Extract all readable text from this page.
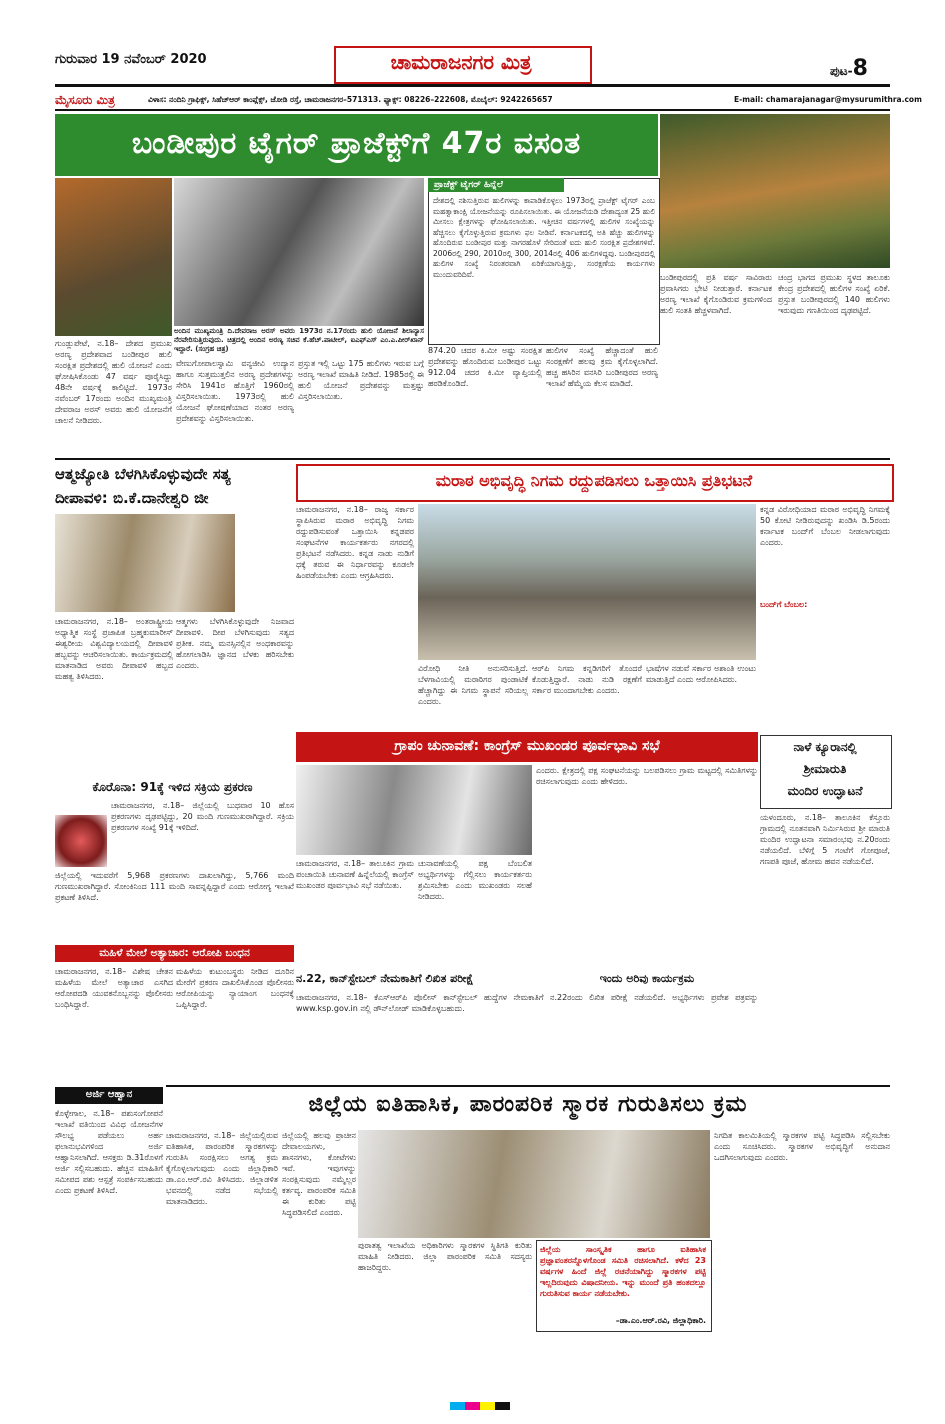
ಗುರುವಾರ 19 ನವೆಂಬರ್ 2020	ಚಾಮರಾಜನಗರ ಮಿತ್ರ	ಪುಟ-8
ಮೈಸೂರು ಮಿತ್ರ	ವಿಳಾಸ: ನಂದಿನಿ ಗ್ರಾಫಿಕ್ಸ್, ಸಿಹೆಚ್‌ಆರ್ ಕಾಂಪ್ಲೆಕ್ಸ್, ಜೋಡಿ ರಸ್ತೆ, ಚಾಮರಾಜನಗರ–571313. ಫ್ಯಾಕ್ಸ್: 08226–222608, ಮೊಬೈಲ್: 9242265657	E-mail: chamarajanagar@mysurumithra.com
ಬಂಡೀಪುರ ಟೈಗರ್ ಪ್ರಾಜೆಕ್ಟ್‌ಗೆ 47ರ ವಸಂತ
ಅಂದಿನ ಮುಖ್ಯಮಂತ್ರಿ ದಿ.ದೇವರಾಜ ಅರಸ್ ಅವರು 1973ರ ನ.17ರಂದು ಹುಲಿ ಯೋಜನೆ ಶಿಲಾನ್ಯಾಸ ನೆರವೇರಿಸುತ್ತಿರುವುದು. ಚಿತ್ರದಲ್ಲಿ ಅಂದಿನ ಅರಣ್ಯ ಸಚಿವ ಕೆ.ಹೆಚ್.ಪಾಟೀಲ್, ಐಎಫ್‌ಎಸ್ ಎಂ.ಎ.ಪೀರ್‌ಖಾನ್ ಇದ್ದಾರೆ. (ಸಂಗ್ರಹ ಚಿತ್ರ)
ಪ್ರಾಜೆಕ್ಟ್ ಟೈಗರ್ ಹಿನ್ನೆಲೆ
ದೇಶದಲ್ಲಿ ನಶಿಸುತ್ತಿರುವ ಹುಲಿಗಳನ್ನು ಕಾಪಾಡಿಕೊಳ್ಳಲು 1973ರಲ್ಲಿ ಪ್ರಾಜೆಕ್ಟ್ ಟೈಗರ್ ಎಂಬ ಮಹತ್ವಾಕಾಂಕ್ಷಿ ಯೋಜನೆಯನ್ನು ರೂಪಿಸಲಾಯಿತು. ಈ ಯೋಜನೆಯಡಿ ದೇಶಾದ್ಯಂತ 25 ಹುಲಿ ಮೀಸಲು ಕ್ಷೇತ್ರಗಳನ್ನು ಘೋಷಿಸಲಾಯಿತು. ಇತ್ತೀಚಿನ ವರ್ಷಗಳಲ್ಲಿ ಹುಲಿಗಳ ಸಂಖ್ಯೆಯನ್ನು ಹೆಚ್ಚಿಸಲು ಕೈಗೊಳ್ಳುತ್ತಿರುವ ಕ್ರಮಗಳು ಫಲ ನೀಡಿವೆ. ಕರ್ನಾಟಕದಲ್ಲಿ ಅತಿ ಹೆಚ್ಚು ಹುಲಿಗಳನ್ನು ಹೊಂದಿರುವ ಬಂಡೀಪುರ ಮತ್ತು ನಾಗರಹೊಳೆ ಸೇರಿದಂತೆ ಐದು ಹುಲಿ ಸಂರಕ್ಷಿತ ಪ್ರದೇಶಗಳಿವೆ. 2006ರಲ್ಲಿ 290, 2010ರಲ್ಲಿ 300, 2014ರಲ್ಲಿ 406 ಹುಲಿಗಳಿದ್ದವು. ಬಂಡೀಪುರದಲ್ಲಿ ಹುಲಿಗಳ ಸಂಖ್ಯೆ ನಿರಂತರವಾಗಿ ಏರಿಕೆಯಾಗುತ್ತಿದ್ದು, ಸಂರಕ್ಷಣೆಯ ಕಾರ್ಯಗಳು ಮುಂದುವರಿದಿವೆ.
ಗುಂಡ್ಲುಪೇಟೆ, ನ.18– ದೇಶದ ಪ್ರಮುಖ ಅರಣ್ಯ ಪ್ರದೇಶವಾದ ಬಂಡೀಪುರ ಹುಲಿ ಸಂರಕ್ಷಿತ ಪ್ರದೇಶದಲ್ಲಿ ಹುಲಿ ಯೋಜನೆ ಎಂದು ಘೋಷಿಸಿಕೊಂಡು 47 ವರ್ಷ ಪೂರೈಸಿದ್ದು 48ನೇ ವರ್ಷಕ್ಕೆ ಕಾಲಿಟ್ಟಿದೆ. 1973ರ ನವೆಂಬರ್ 17ರಂದು ಅಂದಿನ ಮುಖ್ಯಮಂತ್ರಿ ದೇವರಾಜ ಅರಸ್ ಅವರು ಹುಲಿ ಯೋಜನೆಗೆ ಚಾಲನೆ ನೀಡಿದರು.
ವೇಣುಗೋಪಾಲಸ್ವಾಮಿ ವನ್ಯಜೀವಿ ಉದ್ಯಾನ ಹಾಗೂ ಸುತ್ತಮುತ್ತಲಿನ ಅರಣ್ಯ ಪ್ರದೇಶಗಳನ್ನು ಸೇರಿಸಿ 1941ರ ಹೊತ್ತಿಗೆ 1960ರಲ್ಲಿ ವಿಸ್ತರಿಸಲಾಯಿತು. 1973ರಲ್ಲಿ ಹುಲಿ ಯೋಜನೆ ಘೋಷಣೆಯಾದ ನಂತರ ಅರಣ್ಯ ಪ್ರದೇಶವನ್ನು ವಿಸ್ತರಿಸಲಾಯಿತು.
ಪ್ರಸ್ತುತ ಇಲ್ಲಿ ಒಟ್ಟು 175 ಹುಲಿಗಳು ಇರುವ ಬಗ್ಗೆ ಅರಣ್ಯ ಇಲಾಖೆ ಮಾಹಿತಿ ನೀಡಿದೆ. 1985ರಲ್ಲಿ ಈ ಹುಲಿ ಯೋಜನೆ ಪ್ರದೇಶವನ್ನು ಮತ್ತಷ್ಟು ವಿಸ್ತರಿಸಲಾಯಿತು.
874.20 ಚದರ ಕಿ.ಮೀ ಅಷ್ಟು ಸಂರಕ್ಷಿತ ಪ್ರದೇಶವನ್ನು ಹೊಂದಿರುವ ಬಂಡೀಪುರ ಒಟ್ಟು 912.04 ಚದರ ಕಿ.ಮೀ ವ್ಯಾಪ್ತಿಯಲ್ಲಿ ಹರಡಿಕೊಂಡಿದೆ.
ಹುಲಿಗಳ ಸಂಖ್ಯೆ ಹೆಚ್ಚಾದಂತೆ ಹುಲಿ ಸಂರಕ್ಷಣೆಗೆ ಹಲವು ಕ್ರಮ ಕೈಗೊಳ್ಳಲಾಗಿದೆ. ಹಚ್ಚ ಹಸಿರಿನ ವನಸಿರಿ ಬಂಡೀಪುರದ ಅರಣ್ಯ ಇಲಾಖೆ ಹೆಮ್ಮೆಯ ಕೆಲಸ ಮಾಡಿದೆ.
ಬಂಡೀಪುರದಲ್ಲಿ ಪ್ರತಿ ವರ್ಷ ಸಾವಿರಾರು ಪ್ರವಾಸಿಗರು ಭೇಟಿ ನೀಡುತ್ತಾರೆ. ಕರ್ನಾಟಕ ಅರಣ್ಯ ಇಲಾಖೆ ಕೈಗೊಂಡಿರುವ ಕ್ರಮಗಳಿಂದ ಹುಲಿ ಸಂತತಿ ಹೆಚ್ಚಳವಾಗಿದೆ.
ಚಂದ್ರ ಭಾಗದ ಪ್ರಮುಖ ಸ್ಥಳದ ತಾಲೂಕು ಕೇಂದ್ರ ಪ್ರದೇಶದಲ್ಲಿ ಹುಲಿಗಳ ಸಂಖ್ಯೆ ಏರಿಕೆ. ಪ್ರಸ್ತುತ ಬಂಡೀಪುರದಲ್ಲಿ 140 ಹುಲಿಗಳು ಇರುವುದು ಗಣತಿಯಿಂದ ದೃಢಪಟ್ಟಿದೆ.
ಆತ್ಮಜ್ಯೋತಿ ಬೆಳಗಿಸಿಕೊಳ್ಳುವುದೇ ಸತ್ಯ
ದೀಪಾವಳಿ: ಬಿ.ಕೆ.ದಾನೇಶ್ವರಿ ಜೀ
ಚಾಮರಾಜನಗರ, ನ.18– ಅಂತರಾಷ್ಟ್ರೀಯ ಅಧ್ಯಾತ್ಮಿಕ ಸಂಸ್ಥೆ ಪ್ರಜಾಪಿತ ಬ್ರಹ್ಮಕುಮಾರೀಸ್ ಈಶ್ವರೀಯ ವಿಶ್ವವಿದ್ಯಾಲಯದಲ್ಲಿ ದೀಪಾವಳಿ ಹಬ್ಬವನ್ನು ಆಚರಿಸಲಾಯಿತು. ಕಾರ್ಯಕ್ರಮದಲ್ಲಿ ಮಾತನಾಡಿದ ಅವರು ದೀಪಾವಳಿ ಹಬ್ಬದ ಮಹತ್ವ ತಿಳಿಸಿದರು.
ಆತ್ಮಗಳು ಬೆಳಗಿಸಿಕೊಳ್ಳುವುದೇ ನಿಜವಾದ ದೀಪಾವಳಿ. ದೀಪ ಬೆಳಗಿಸುವುದು ಸತ್ಯದ ಪ್ರತೀಕ. ನಮ್ಮ ಮನಸ್ಸಿನಲ್ಲಿನ ಅಂಧಕಾರವನ್ನು ಹೋಗಲಾಡಿಸಿ ಜ್ಞಾನದ ಬೆಳಕು ಹರಿಸಬೇಕು ಎಂದರು.
ಕೊರೊನಾ: 91ಕ್ಕೆ ಇಳಿದ ಸಕ್ರಿಯ ಪ್ರಕರಣ
ಚಾಮರಾಜನಗರ, ನ.18– ಜಿಲ್ಲೆಯಲ್ಲಿ ಬುಧವಾರ 10 ಹೊಸ ಪ್ರಕರಣಗಳು ದೃಢಪಟ್ಟಿದ್ದು, 20 ಮಂದಿ ಗುಣಮುಖರಾಗಿದ್ದಾರೆ. ಸಕ್ರಿಯ ಪ್ರಕರಣಗಳ ಸಂಖ್ಯೆ 91ಕ್ಕೆ ಇಳಿದಿದೆ.
ಜಿಲ್ಲೆಯಲ್ಲಿ ಇದುವರೆಗೆ 5,968 ಪ್ರಕರಣಗಳು ದಾಖಲಾಗಿದ್ದು, 5,766 ಮಂದಿ ಗುಣಮುಖರಾಗಿದ್ದಾರೆ. ಸೋಂಕಿನಿಂದ 111 ಮಂದಿ ಸಾವನ್ನಪ್ಪಿದ್ದಾರೆ ಎಂದು ಆರೋಗ್ಯ ಇಲಾಖೆ ಪ್ರಕಟಣೆ ತಿಳಿಸಿದೆ.
ಮಹಿಳೆ ಮೇಲೆ ಅತ್ಯಾಚಾರ: ಆರೋಪಿ ಬಂಧನ
ಚಾಮರಾಜನಗರ, ನ.18– ವಿಶೇಷ ಚೇತನ ಮಹಿಳೆಯ ಮೇಲೆ ಅತ್ಯಾಚಾರ ಎಸಗಿದ ಆರೋಪದಡಿ ಯುವಕನೊಬ್ಬನನ್ನು ಪೊಲೀಸರು ಬಂಧಿಸಿದ್ದಾರೆ.
ಮಹಿಳೆಯ ಕುಟುಂಬಸ್ಥರು ನೀಡಿದ ದೂರಿನ ಮೇರೆಗೆ ಪ್ರಕರಣ ದಾಖಲಿಸಿಕೊಂಡ ಪೊಲೀಸರು ಆರೋಪಿಯನ್ನು ನ್ಯಾಯಾಂಗ ಬಂಧನಕ್ಕೆ ಒಪ್ಪಿಸಿದ್ದಾರೆ.
ಮರಾಠ ಅಭಿವೃದ್ಧಿ ನಿಗಮ ರದ್ದುಪಡಿಸಲು ಒತ್ತಾಯಿಸಿ ಪ್ರತಿಭಟನೆ
ಚಾಮರಾಜನಗರ, ನ.18– ರಾಜ್ಯ ಸರ್ಕಾರ ಸ್ಥಾಪಿಸಿರುವ ಮರಾಠ ಅಭಿವೃದ್ಧಿ ನಿಗಮ ರದ್ದುಪಡಿಸುವಂತೆ ಒತ್ತಾಯಿಸಿ ಕನ್ನಡಪರ ಸಂಘಟನೆಗಳ ಕಾರ್ಯಕರ್ತರು ನಗರದಲ್ಲಿ ಪ್ರತಿಭಟನೆ ನಡೆಸಿದರು. ಕನ್ನಡ ನಾಡು ನುಡಿಗೆ ಧಕ್ಕೆ ತರುವ ಈ ನಿರ್ಧಾರವನ್ನು ಕೂಡಲೇ ಹಿಂಪಡೆಯಬೇಕು ಎಂದು ಆಗ್ರಹಿಸಿದರು.
ವಿರೋಧಿ ನೀತಿ ಅನುಸರಿಸುತ್ತಿದೆ. ಬೆಳಗಾವಿಯಲ್ಲಿ ಮರಾಠಿಗರ ಪುಂಡಾಟಿಕೆ ಹೆಚ್ಚಾಗಿದ್ದು ಈ ನಿಗಮ ಸ್ಥಾಪನೆ ಸರಿಯಲ್ಲ ಎಂದರು.
ಆರ್‌ಪಿ ನಿಗಮ ಕನ್ನಡಿಗರಿಗೆ ತೊಂದರೆ ಕೊಡುತ್ತಿದ್ದಾರೆ. ನಾಡು ನುಡಿ ರಕ್ಷಣೆಗೆ ಸರ್ಕಾರ ಮುಂದಾಗಬೇಕು ಎಂದರು.
ಭಾಷೆಗಳ ನಡುವೆ ಸರ್ಕಾರ ಅಶಾಂತಿ ಉಂಟು ಮಾಡುತ್ತಿದೆ ಎಂದು ಆರೋಪಿಸಿದರು.
ಕನ್ನಡ ವಿರೋಧಿಯಾದ ಮರಾಠ ಅಭಿವೃದ್ಧಿ ನಿಗಮಕ್ಕೆ 50 ಕೋಟಿ ನೀಡಿರುವುದನ್ನು ಖಂಡಿಸಿ ಡಿ.5ರಂದು ಕರ್ನಾಟಕ ಬಂದ್‌ಗೆ ಬೆಂಬಲ ನೀಡಲಾಗುವುದು ಎಂದರು.
ಬಂದ್‌ಗೆ ಬೆಂಬಲ:
ಗ್ರಾಪಂ ಚುನಾವಣೆ: ಕಾಂಗ್ರೆಸ್ ಮುಖಂಡರ ಪೂರ್ವಭಾವಿ ಸಭೆ
ಚಾಮರಾಜನಗರ, ನ.18– ತಾಲೂಕಿನ ಗ್ರಾಮ ಪಂಚಾಯಿತಿ ಚುನಾವಣೆ ಹಿನ್ನೆಲೆಯಲ್ಲಿ ಕಾಂಗ್ರೆಸ್ ಮುಖಂಡರ ಪೂರ್ವಭಾವಿ ಸಭೆ ನಡೆಯಿತು.
ಚುನಾವಣೆಯಲ್ಲಿ ಪಕ್ಷ ಬೆಂಬಲಿತ ಅಭ್ಯರ್ಥಿಗಳನ್ನು ಗೆಲ್ಲಿಸಲು ಕಾರ್ಯಕರ್ತರು ಶ್ರಮಿಸಬೇಕು ಎಂದು ಮುಖಂಡರು ಸಲಹೆ ನೀಡಿದರು.
ಎಂದರು. ಕ್ಷೇತ್ರದಲ್ಲಿ ಪಕ್ಷ ಸಂಘಟನೆಯನ್ನು ಬಲಪಡಿಸಲು ಗ್ರಾಮ ಮಟ್ಟದಲ್ಲಿ ಸಮಿತಿಗಳನ್ನು ರಚಿಸಲಾಗುವುದು ಎಂದು ಹೇಳಿದರು.
ನಾಳೆ ಕ್ಯೂರಾನಲ್ಲಿ
ಶ್ರೀಮಾರುತಿ
ಮಂದಿರ ಉದ್ಘಾಟನೆ
ಯಳಂದೂರು, ನ.18– ತಾಲೂಕಿನ ಕೆಸ್ತೂರು ಗ್ರಾಮದಲ್ಲಿ ನೂತನವಾಗಿ ನಿರ್ಮಿಸಿರುವ ಶ್ರೀ ಮಾರುತಿ ಮಂದಿರ ಉದ್ಘಾಟನಾ ಸಮಾರಂಭವು ನ.20ರಂದು ನಡೆಯಲಿದೆ. ಬೆಳಿಗ್ಗೆ 5 ಗಂಟೆಗೆ ಗೋಪೂಜೆ, ಗಣಪತಿ ಪೂಜೆ, ಹೋಮ ಹವನ ನಡೆಯಲಿದೆ.
ನ.22, ಕಾನ್‌ಸ್ಟೇಬಲ್ ನೇಮಕಾತಿಗೆ ಲಿಖಿತ ಪರೀಕ್ಷೆ
ಚಾಮರಾಜನಗರ, ನ.18– ಕೆಎಸ್‌ಆರ್‌ಪಿ ಪೊಲೀಸ್ ಕಾನ್‌ಸ್ಟೇಬಲ್ ಹುದ್ದೆಗಳ ನೇಮಕಾತಿಗೆ ನ.22ರಂದು ಲಿಖಿತ ಪರೀಕ್ಷೆ ನಡೆಯಲಿದೆ. ಅಭ್ಯರ್ಥಿಗಳು ಪ್ರವೇಶ ಪತ್ರವನ್ನು www.ksp.gov.in ನಲ್ಲಿ ಡೌನ್‌ಲೋಡ್ ಮಾಡಿಕೊಳ್ಳಬಹುದು.
ಇಂದು ಅರಿವು ಕಾರ್ಯಕ್ರಮ
ಅರ್ಜಿ ಆಹ್ವಾನ
ಕೊಳ್ಳೇಗಾಲ, ನ.18– ಪಶುಸಂಗೋಪನೆ ಇಲಾಖೆ ವತಿಯಿಂದ ವಿವಿಧ ಯೋಜನೆಗಳ ಸೌಲಭ್ಯ ಪಡೆಯಲು ಅರ್ಹ ಫಲಾನುಭವಿಗಳಿಂದ ಅರ್ಜಿ ಆಹ್ವಾನಿಸಲಾಗಿದೆ. ಆಸಕ್ತರು ಡಿ.31ರೊಳಗೆ ಅರ್ಜಿ ಸಲ್ಲಿಸಬಹುದು. ಹೆಚ್ಚಿನ ಮಾಹಿತಿಗೆ ಸಮೀಪದ ಪಶು ಆಸ್ಪತ್ರೆ ಸಂಪರ್ಕಿಸಬಹುದು ಎಂದು ಪ್ರಕಟಣೆ ತಿಳಿಸಿದೆ.
ಜಿಲ್ಲೆಯ ಐತಿಹಾಸಿಕ, ಪಾರಂಪರಿಕ ಸ್ಮಾರಕ ಗುರುತಿಸಲು ಕ್ರಮ
ಚಾಮರಾಜನಗರ, ನ.18– ಜಿಲ್ಲೆಯಲ್ಲಿರುವ ಐತಿಹಾಸಿಕ, ಪಾರಂಪರಿಕ ಸ್ಮಾರಕಗಳನ್ನು ಗುರುತಿಸಿ ಸಂರಕ್ಷಿಸಲು ಅಗತ್ಯ ಕ್ರಮ ಕೈಗೊಳ್ಳಲಾಗುವುದು ಎಂದು ಜಿಲ್ಲಾಧಿಕಾರಿ ಡಾ.ಎಂ.ಆರ್.ರವಿ ತಿಳಿಸಿದರು. ಜಿಲ್ಲಾಡಳಿತ ಭವನದಲ್ಲಿ ನಡೆದ ಸಭೆಯಲ್ಲಿ ಮಾತನಾಡಿದರು.
ಜಿಲ್ಲೆಯಲ್ಲಿ ಹಲವು ಪ್ರಾಚೀನ ದೇವಾಲಯಗಳು, ಶಾಸನಗಳು, ಕೋಟೆಗಳು ಇವೆ. ಇವುಗಳನ್ನು ಸಂರಕ್ಷಿಸುವುದು ನಮ್ಮೆಲ್ಲರ ಕರ್ತವ್ಯ. ಪಾರಂಪರಿಕ ಸಮಿತಿ ಈ ಕುರಿತು ಪಟ್ಟಿ ಸಿದ್ಧಪಡಿಸಲಿದೆ ಎಂದರು.
ಪುರಾತತ್ವ ಇಲಾಖೆಯ ಅಧಿಕಾರಿಗಳು ಸ್ಮಾರಕಗಳ ಸ್ಥಿತಿಗತಿ ಕುರಿತು ಮಾಹಿತಿ ನೀಡಿದರು. ಜಿಲ್ಲಾ ಪಾರಂಪರಿಕ ಸಮಿತಿ ಸದಸ್ಯರು ಹಾಜರಿದ್ದರು.
ಜಿಲ್ಲೆಯ ಸಾಂಸ್ಕೃತಿಕ ಹಾಗೂ ಐತಿಹಾಸಿಕ ಪ್ರಜ್ಞಾವಂತರನ್ನೊಳಗೊಂಡ ಸಮಿತಿ ರಚಿಸಲಾಗಿದೆ. ಕಳೆದ 23 ವರ್ಷಗಳ ಹಿಂದೆ ಜಿಲ್ಲೆ ರಚನೆಯಾಗಿದ್ದು ಸ್ಮಾರಕಗಳ ಪಟ್ಟಿ ಇಲ್ಲದಿರುವುದು ವಿಷಾದನೀಯ. ಇನ್ನು ಮುಂದೆ ಪ್ರತಿ ಹಂತದಲ್ಲೂ ಗುರುತಿಸುವ ಕಾರ್ಯ ನಡೆಯಬೇಕು.
–ಡಾ.ಎಂ.ಆರ್.ರವಿ, ಜಿಲ್ಲಾಧಿಕಾರಿ.
ನಿಗದಿತ ಕಾಲಮಿತಿಯಲ್ಲಿ ಸ್ಮಾರಕಗಳ ಪಟ್ಟಿ ಸಿದ್ಧಪಡಿಸಿ ಸಲ್ಲಿಸಬೇಕು ಎಂದು ಸೂಚಿಸಿದರು. ಸ್ಮಾರಕಗಳ ಅಭಿವೃದ್ಧಿಗೆ ಅನುದಾನ ಒದಗಿಸಲಾಗುವುದು ಎಂದರು.
